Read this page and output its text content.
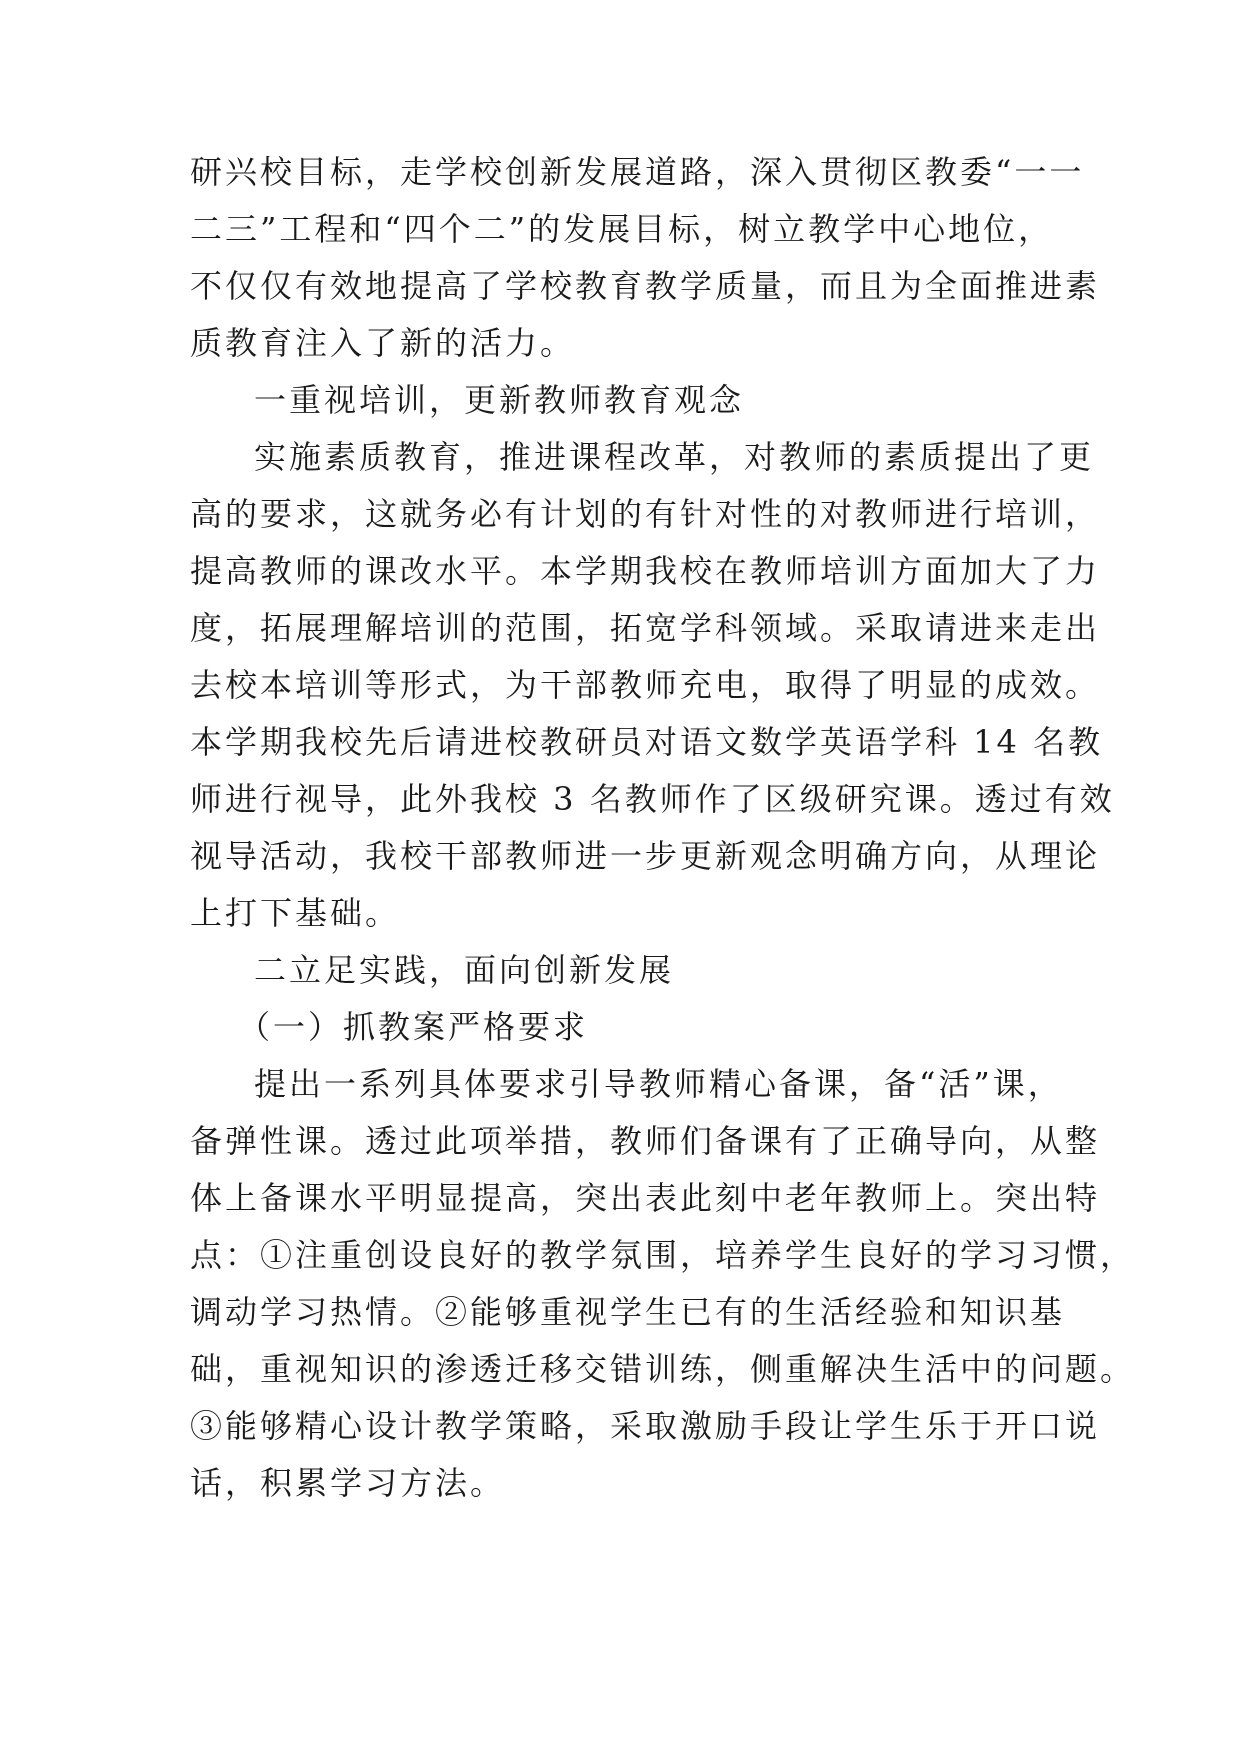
研兴校目标，走学校创新发展道路，深入贯彻区教委“一一
二三”工程和“四个二”的发展目标，树立教学中心地位，
不仅仅有效地提高了学校教育教学质量，而且为全面推进素
质教育注入了新的活力。
一重视培训，更新教师教育观念
实施素质教育，推进课程改革，对教师的素质提出了更
高的要求，这就务必有计划的有针对性的对教师进行培训，
提高教师的课改水平。本学期我校在教师培训方面加大了力
度，拓展理解培训的范围，拓宽学科领域。采取请进来走出
去校本培训等形式，为干部教师充电，取得了明显的成效。
本学期我校先后请进校教研员对语文数学英语学科 14 名教
师进行视导，此外我校 3 名教师作了区级研究课。透过有效
视导活动，我校干部教师进一步更新观念明确方向，从理论
上打下基础。
二立足实践，面向创新发展
（一）抓教案严格要求
提出一系列具体要求引导教师精心备课，备“活”课，
备弹性课。透过此项举措，教师们备课有了正确导向，从整
体上备课水平明显提高，突出表此刻中老年教师上。突出特
点：①注重创设良好的教学氛围，培养学生良好的学习习惯，
调动学习热情。②能够重视学生已有的生活经验和知识基
础，重视知识的渗透迁移交错训练，侧重解决生活中的问题。
③能够精心设计教学策略，采取激励手段让学生乐于开口说
话，积累学习方法。
